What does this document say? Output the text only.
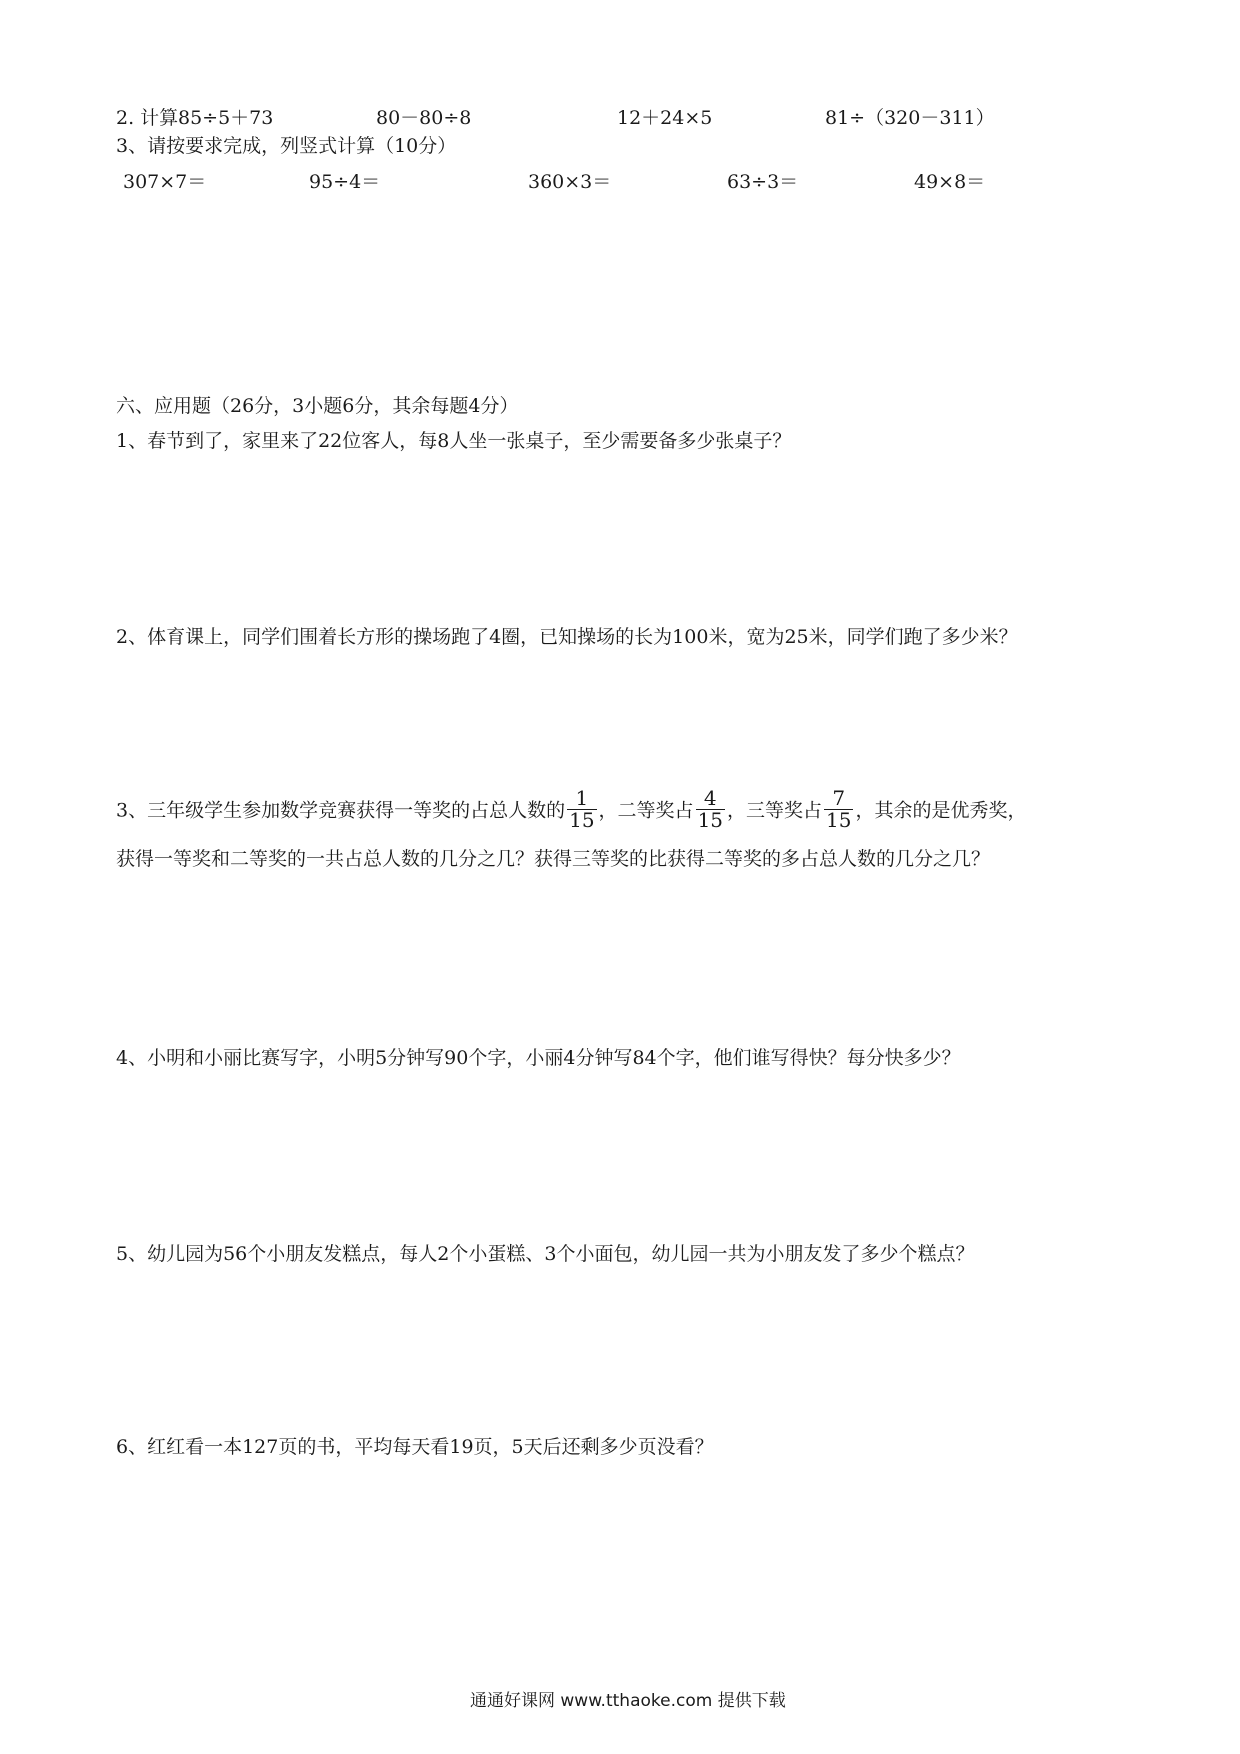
2. 计算 85÷5＋73	80－80÷8	12＋24×5	81÷（320－311）
3、请按要求完成，列竖式计算（10分）
307×7＝	95÷4＝	360×3＝	63÷3＝	49×8＝
六、应用题（26分，3小题6分，其余每题4分）
1、春节到了，家里来了22位客人，每8人坐一张桌子，至少需要备多少张桌子？
2、体育课上，同学们围着长方形的操场跑了4圈，已知操场的长为100米，宽为25米，同学们跑了多少米？
3、三年级学生参加数学竞赛获得一等奖的占总人数的 $\frac{1}{15}$ ，二等奖占 $\frac{4}{15}$ ，三等奖占 $\frac{7}{15}$ ，其余的是优秀奖，
获得一等奖和二等奖的一共占总人数的几分之几？获得三等奖的比获得二等奖的多占总人数的几分之几？
4、小明和小丽比赛写字，小明5分钟写90个字，小丽4分钟写84个字，他们谁写得快？每分快多少？
5、幼儿园为56个小朋友发糕点，每人2个小蛋糕、3个小面包，幼儿园一共为小朋友发了多少个糕点？
6、红红看一本127页的书，平均每天看19页，5天后还剩多少页没看？
通通好课网 www.tthaoke.com 提供下载
